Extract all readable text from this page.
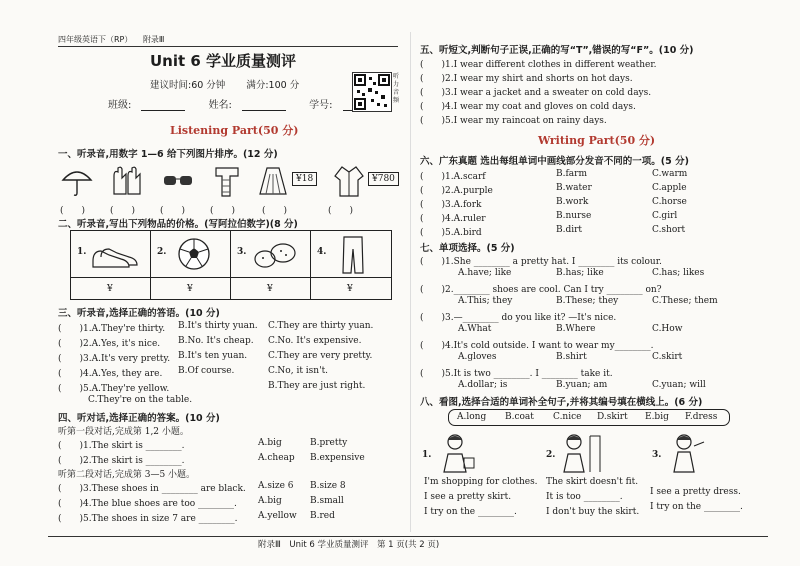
四年级英语下（RP） 附录Ⅲ
Unit 6 学业质量测评
建议时间:60 分钟 满分:100 分
班级:	姓名:	学号:
听力音频
Listening Part(50 分)
一、听录音,用数字 1—6 给下列图片排序。(12 分)
¥18	¥780
(　　)	(　　)	(　　)	(　　)	(　　)	(　　)
二、听录音,写出下列物品的价格。(写阿拉伯数字)(8 分)
1.
¥
2.
¥
3.
¥
4.
¥
三、听录音,选择正确的答语。(10 分)
(　　)1.A.They're thirty. B.It's thirty yuan. C.They are thirty yuan.
(　　)2.A.Yes, it's nice. B.No. It's cheap. C.No. It's expensive.
(　　)3.A.It's very pretty. B.It's ten yuan. C.They are very pretty.
(　　)4.A.Yes, they are. B.Of course.	C.No, it isn't.
(　　)5.A.They're yellow.	B.They are just right.
C.They're on the table.
四、听对话,选择正确的答案。(10 分)
听第一段对话,完成第 1,2 小题。
(　　)1.The skirt is ________.	A.big	B.pretty
(　　)2.The skirt is ________.	A.cheap B.expensive
听第二段对话,完成第 3—5 小题。
(　　)3.These shoes in ________ are black. A.size 6 B.size 8
(　　)4.The blue shoes are too ________. A.big	B.small
(　　)5.The shoes in size 7 are ________. A.yellow B.red
五、听短文,判断句子正误,正确的写“T”,错误的写“F”。(10 分)
(　　)1.I wear different clothes in different weather.
(　　)2.I wear my shirt and shorts on hot days.
(　　)3.I wear a jacket and a sweater on cold days.
(　　)4.I wear my coat and gloves on cold days.
(　　)5.I wear my raincoat on rainy days.
Writing Part(50 分)
六、广东真题 选出每组单词中画线部分发音不同的一项。(5 分)
(　　)1.A.scarf	B.farm	C.warm
(　　)2.A.purple	B.water	C.apple
(　　)3.A.fork	B.work	C.horse
(　　)4.A.ruler	B.nurse	C.girl
(　　)5.A.bird	B.dirt	C.short
七、单项选择。(5 分)
(　　)1.She ________ a pretty hat. I ________ its colour.
A.have; like	B.has; like	C.has; likes
(　　)2.________ shoes are cool. Can I try ________ on?
A.This; they	B.These; they	C.These; them
(　　)3.—________ do you like it? —It's nice.
A.What	B.Where	C.How
(　　)4.It's cold outside. I want to wear my________.
A.gloves	B.shirt	C.skirt
(　　)5.It is two ________. I ________ take it.
A.dollar; is	B.yuan; am	C.yuan; will
八、看图,选择合适的单词补全句子,并将其编号填在横线上。(6 分)
A.long B.coat C.nice D.skirt E.big F.dress
1.
I'm shopping for clothes.
I see a pretty skirt.
I try on the ________.
2.
The skirt doesn't fit.
It is too ________.
I don't buy the skirt.
3.
I see a pretty dress.
I try on the ________.
附录Ⅲ　Unit 6 学业质量测评　第 1 页(共 2 页)
